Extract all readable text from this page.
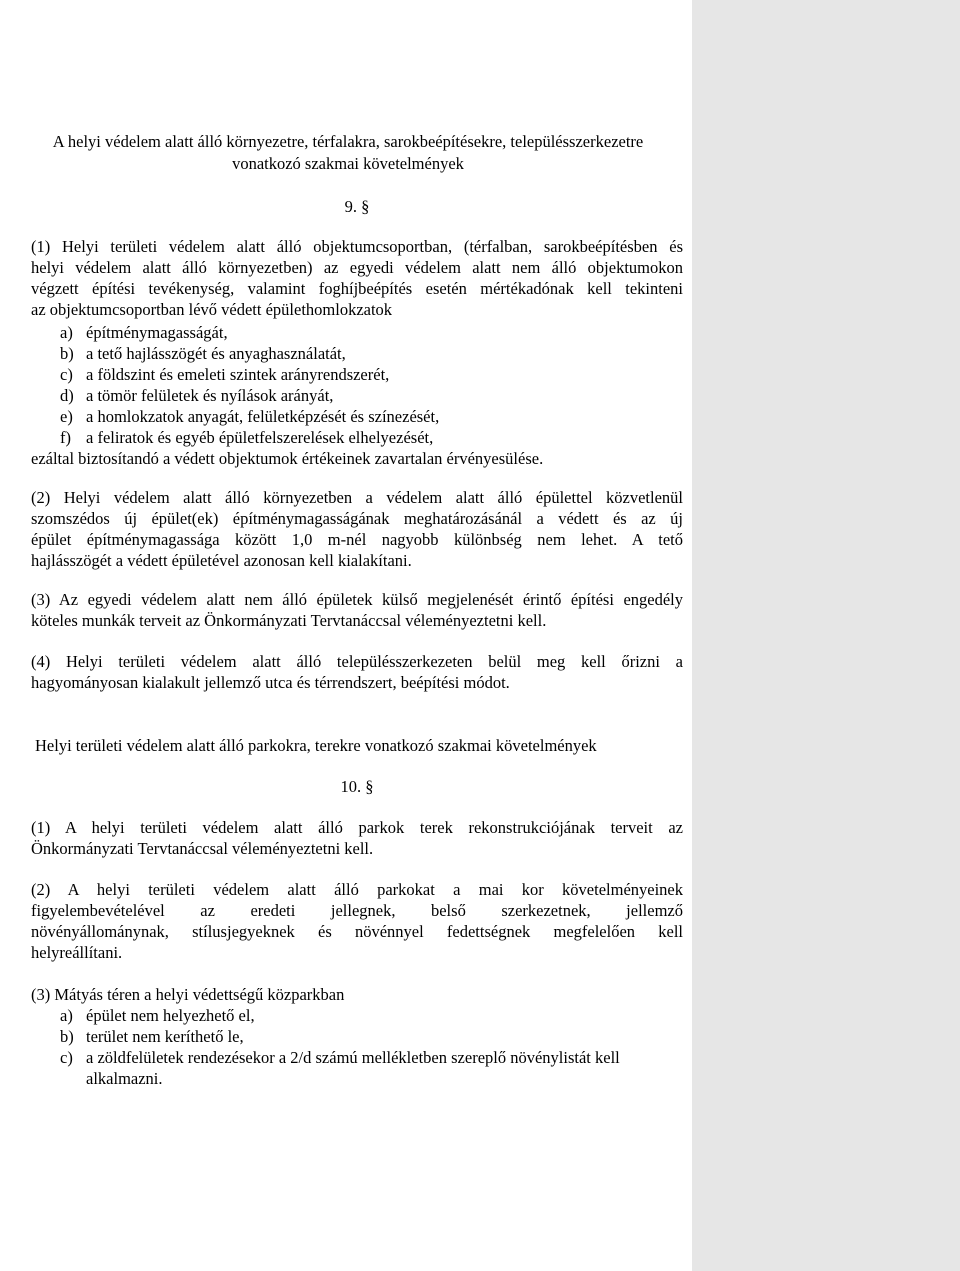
A helyi védelem alatt álló környezetre, térfalakra, sarokbeépítésekre, településszerkezetre
vonatkozó szakmai követelmények
9. §
(1) Helyi területi védelem alatt álló objektumcsoportban, (térfalban, sarokbeépítésben és
helyi védelem alatt álló környezetben) az egyedi védelem alatt nem álló objektumokon
végzett építési tevékenység, valamint foghíjbeépítés esetén mértékadónak kell tekinteni
az objektumcsoportban lévő védett épülethomlokzatok
a) építménymagasságát,
b) a tető hajlásszögét és anyaghasználatát,
c) a földszint és emeleti szintek arányrendszerét,
d) a tömör felületek és nyílások arányát,
e) a homlokzatok anyagát, felületképzését és színezését,
f) a feliratok és egyéb épületfelszerelések elhelyezését,
ezáltal biztosítandó a védett objektumok értékeinek zavartalan érvényesülése.
(2) Helyi védelem alatt álló környezetben a védelem alatt álló épülettel közvetlenül
szomszédos új épület(ek) építménymagasságának meghatározásánál a védett és az új
épület építménymagassága között 1,0 m-nél nagyobb különbség nem lehet. A tető
hajlásszögét a védett épületével azonosan kell kialakítani.
(3) Az egyedi védelem alatt nem álló épületek külső megjelenését érintő építési engedély
köteles munkák terveit az Önkormányzati Tervtanáccsal véleményeztetni kell.
(4) Helyi területi védelem alatt álló településszerkezeten belül meg kell őrizni a
hagyományosan kialakult jellemző utca és térrendszert, beépítési módot.
Helyi területi védelem alatt álló parkokra, terekre vonatkozó szakmai követelmények
10. §
(1) A helyi területi védelem alatt álló parkok terek rekonstrukciójának terveit az
Önkormányzati Tervtanáccsal véleményeztetni kell.
(2) A helyi területi védelem alatt álló parkokat a mai kor követelményeinek
figyelembevételével az eredeti jellegnek, belső szerkezetnek, jellemző
növényállománynak, stílusjegyeknek és növénnyel fedettségnek megfelelően kell
helyreállítani.
(3) Mátyás téren a helyi védettségű közparkban
a) épület nem helyezhető el,
b) terület nem keríthető le,
c) a zöldfelületek rendezésekor a 2/d számú mellékletben szereplő növénylistát kell
alkalmazni.
